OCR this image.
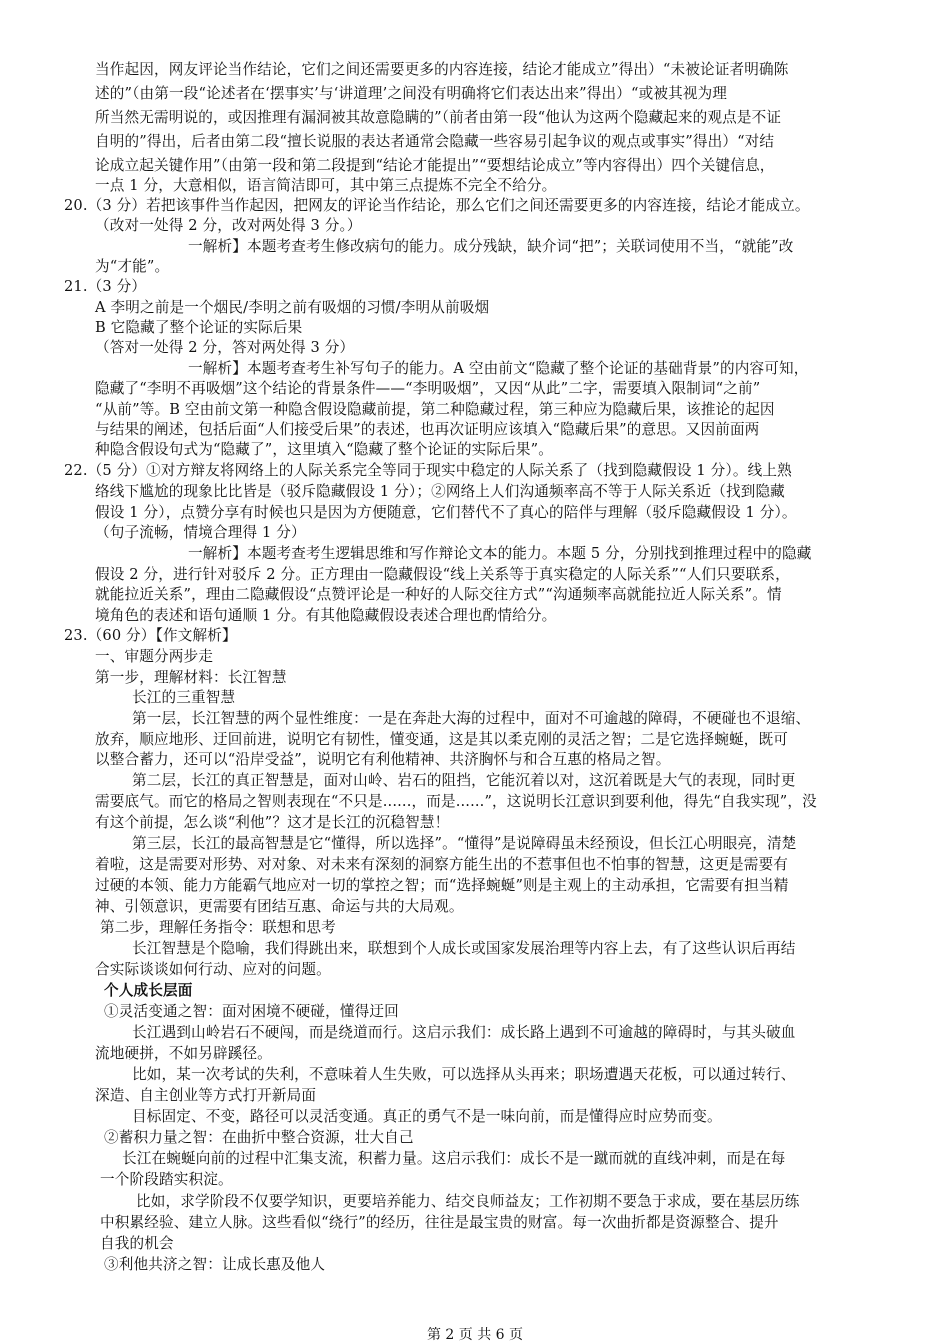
当作起因，网友评论当作结论，它们之间还需要更多的内容连接，结论才能成立”得出）“未被论证者明确陈
述的”（由第一段“论述者在‘摆事实’与‘讲道理’之间没有明确将它们表达出来”得出）“或被其视为理
所当然无需明说的，或因推理有漏洞被其故意隐瞒的”（前者由第一段“他认为这两个隐藏起来的观点是不证
自明的”得出，后者由第二段“擅长说服的表达者通常会隐藏一些容易引起争议的观点或事实”得出）“对结
论成立起关键作用”（由第一段和第二段提到“结论才能提出”“要想结论成立”等内容得出）四个关键信息，
一点 1 分，大意相似，语言简洁即可，其中第三点提炼不完全不给分。
20.（3 分）若把该事件当作起因，把网友的评论当作结论，那么它们之间还需要更多的内容连接，结论才能成立。
（改对一处得 2 分，改对两处得 3 分。）
一解析】本题考查考生修改病句的能力。成分残缺，缺介词“把”；关联词使用不当，“就能”改
为“才能”。
21.（3 分）
A 李明之前是一个烟民/李明之前有吸烟的习惯/李明从前吸烟
B 它隐藏了整个论证的实际后果
（答对一处得 2 分，答对两处得 3 分）
一解析】本题考查考生补写句子的能力。A 空由前文“隐藏了整个论证的基础背景”的内容可知，
隐藏了“李明不再吸烟”这个结论的背景条件——“李明吸烟”，又因“从此”二字，需要填入限制词“之前”
“从前”等。B 空由前文第一种隐含假设隐藏前提，第二种隐藏过程，第三种应为隐藏后果，该推论的起因
与结果的阐述，包括后面“人们接受后果”的表述，也再次证明应该填入“隐藏后果”的意思。又因前面两
种隐含假设句式为“隐藏了”，这里填入“隐藏了整个论证的实际后果”。
22.（5 分）①对方辩友将网络上的人际关系完全等同于现实中稳定的人际关系了（找到隐藏假设 1 分）。线上熟
络线下尴尬的现象比比皆是（驳斥隐藏假设 1 分）；②网络上人们沟通频率高不等于人际关系近（找到隐藏
假设 1 分），点赞分享有时候也只是因为方便随意，它们替代不了真心的陪伴与理解（驳斥隐藏假设 1 分）。
（句子流畅，情境合理得 1 分）
一解析】本题考查考生逻辑思维和写作辩论文本的能力。本题 5 分，分别找到推理过程中的隐藏
假设 2 分，进行针对驳斥 2 分。正方理由一隐藏假设“线上关系等于真实稳定的人际关系”“人们只要联系，
就能拉近关系”，理由二隐藏假设“点赞评论是一种好的人际交往方式”“沟通频率高就能拉近人际关系”。情
境角色的表述和语句通顺 1 分。有其他隐藏假设表述合理也酌情给分。
23.（60 分）【作文解析】
一、审题分两步走
第一步，理解材料：长江智慧
长江的三重智慧
第一层，长江智慧的两个显性维度：一是在奔赴大海的过程中，面对不可逾越的障碍，不硬碰也不退缩、
放弃，顺应地形、迂回前进，说明它有韧性，懂变通，这是其以柔克刚的灵活之智；二是它选择蜿蜒，既可
以整合蓄力，还可以“沿岸受益”，说明它有利他精神、共济胸怀与和合互惠的格局之智。
第二层，长江的真正智慧是，面对山岭、岩石的阻挡，它能沉着以对，这沉着既是大气的表现，同时更
需要底气。而它的格局之智则表现在“不只是......，而是......”，这说明长江意识到要利他，得先“自我实现”，没
有这个前提，怎么谈“利他”？这才是长江的沉稳智慧！
第三层，长江的最高智慧是它“懂得，所以选择”。“懂得”是说障碍虽未经预设，但长江心明眼亮，清楚
着啦，这是需要对形势、对对象、对未来有深刻的洞察方能生出的不惹事但也不怕事的智慧，这更是需要有
过硬的本领、能力方能霸气地应对一切的掌控之智；而“选择蜿蜒”则是主观上的主动承担，它需要有担当精
神、引领意识，更需要有团结互惠、命运与共的大局观。
第二步，理解任务指令：联想和思考
长江智慧是个隐喻，我们得跳出来，联想到个人成长或国家发展治理等内容上去，有了这些认识后再结
合实际谈谈如何行动、应对的问题。
个人成长层面
①灵活变通之智：面对困境不硬碰，懂得迂回
长江遇到山岭岩石不硬闯，而是绕道而行。这启示我们：成长路上遇到不可逾越的障碍时，与其头破血
流地硬拼，不如另辟蹊径。
比如，某一次考试的失利，不意味着人生失败，可以选择从头再来；职场遭遇天花板，可以通过转行、
深造、自主创业等方式打开新局面
目标固定、不变，路径可以灵活变通。真正的勇气不是一味向前，而是懂得应时应势而变。
②蓄积力量之智：在曲折中整合资源，壮大自己
长江在蜿蜒向前的过程中汇集支流，积蓄力量。这启示我们：成长不是一蹴而就的直线冲刺，而是在每
一个阶段踏实积淀。
比如，求学阶段不仅要学知识，更要培养能力、结交良师益友；工作初期不要急于求成，要在基层历练
中积累经验、建立人脉。这些看似“绕行”的经历，往往是最宝贵的财富。每一次曲折都是资源整合、提升
自我的机会
③利他共济之智：让成长惠及他人
第 2 页 共 6 页
